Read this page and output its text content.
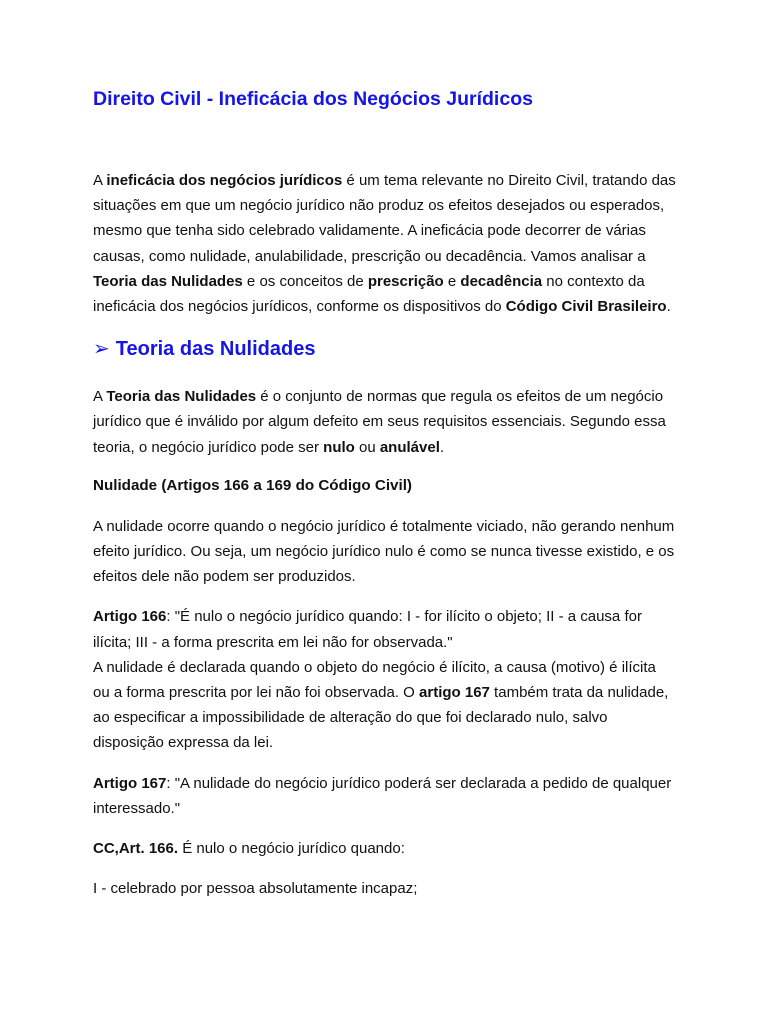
Direito Civil - Ineficácia dos Negócios Jurídicos

A ineficácia dos negócios jurídicos é um tema relevante no Direito Civil, tratando das situações em que um negócio jurídico não produz os efeitos desejados ou esperados, mesmo que tenha sido celebrado validamente. A ineficácia pode decorrer de várias causas, como nulidade, anulabilidade, prescrição ou decadência. Vamos analisar a Teoria das Nulidades e os conceitos de prescrição e decadência no contexto da ineficácia dos negócios jurídicos, conforme os dispositivos do Código Civil Brasileiro.

➢ Teoria das Nulidades

A Teoria das Nulidades é o conjunto de normas que regula os efeitos de um negócio jurídico que é inválido por algum defeito em seus requisitos essenciais. Segundo essa teoria, o negócio jurídico pode ser nulo ou anulável.

Nulidade (Artigos 166 a 169 do Código Civil)

A nulidade ocorre quando o negócio jurídico é totalmente viciado, não gerando nenhum efeito jurídico. Ou seja, um negócio jurídico nulo é como se nunca tivesse existido, e os efeitos dele não podem ser produzidos.

Artigo 166: "É nulo o negócio jurídico quando: I - for ilícito o objeto; II - a causa for ilícita; III - a forma prescrita em lei não for observada."
A nulidade é declarada quando o objeto do negócio é ilícito, a causa (motivo) é ilícita ou a forma prescrita por lei não foi observada. O artigo 167 também trata da nulidade, ao especificar a impossibilidade de alteração do que foi declarado nulo, salvo disposição expressa da lei.

Artigo 167: "A nulidade do negócio jurídico poderá ser declarada a pedido de qualquer interessado."

CC,Art. 166. É nulo o negócio jurídico quando:

I - celebrado por pessoa absolutamente incapaz;
